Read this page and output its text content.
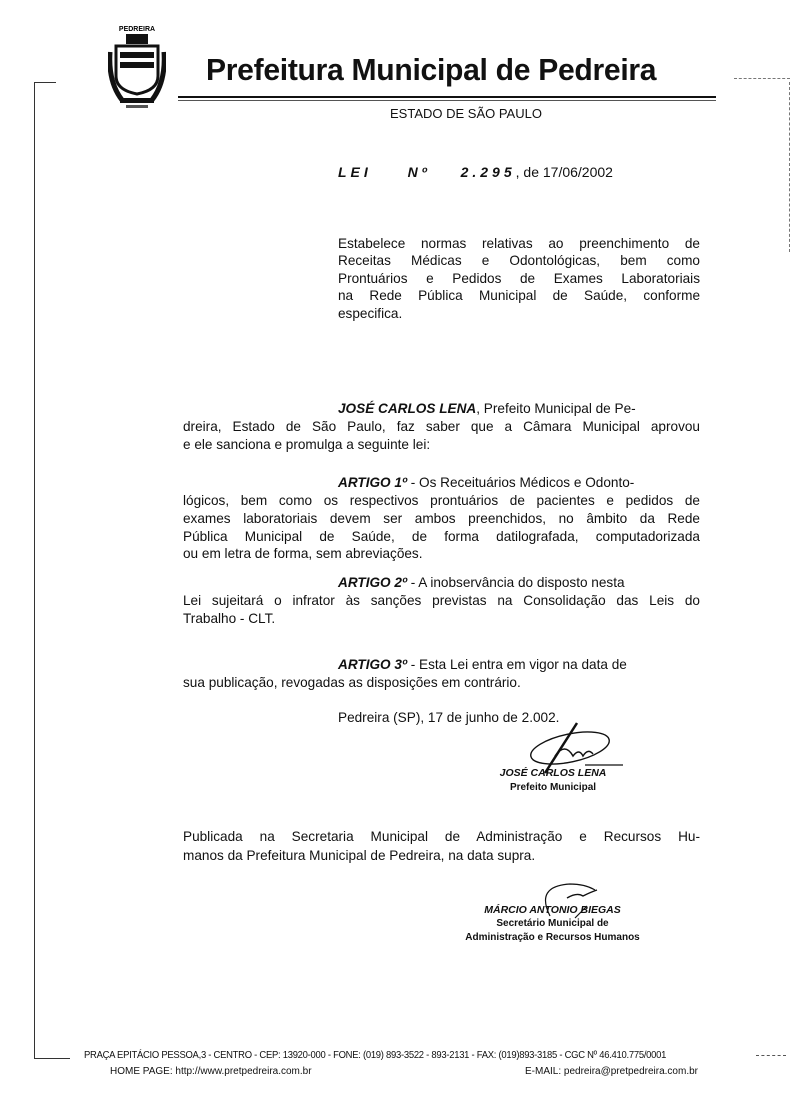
PEDREIRA
Prefeitura Municipal de Pedreira
ESTADO DE SÃO PAULO
LEI	Nº 2.295, de 17/06/2002
Estabelece normas relativas ao preenchimento de
Receitas Médicas e Odontológicas, bem como
Prontuários e Pedidos de Exames Laboratoriais
na Rede Pública Municipal de Saúde, conforme
especifica.
JOSÉ CARLOS LENA, Prefeito Municipal de Pe-
dreira, Estado de São Paulo, faz saber que a Câmara Municipal aprovou
e ele sanciona e promulga a seguinte lei:
ARTIGO 1º - Os Receituários Médicos e Odonto-
lógicos, bem como os respectivos prontuários de pacientes e pedidos de
exames laboratoriais devem ser ambos preenchidos, no âmbito da Rede
Pública Municipal de Saúde, de forma datilografada, computadorizada
ou em letra de forma, sem abreviações.
ARTIGO 2º - A inobservância do disposto nesta
Lei sujeitará o infrator às sanções previstas na Consolidação das Leis do
Trabalho - CLT.
ARTIGO 3º - Esta Lei entra em vigor na data de
sua publicação, revogadas as disposições em contrário.
Pedreira (SP), 17 de junho de 2.002.
JOSÉ CARLOS LENA
Prefeito Municipal
Publicada na Secretaria Municipal de Administração e Recursos Hu-
manos da Prefeitura Municipal de Pedreira, na data supra.
MÁRCIO ANTONIO BIEGAS
Secretário Municipal de
Administração e Recursos Humanos
PRAÇA EPITÁCIO PESSOA,3 - CENTRO - CEP: 13920-000 - FONE: (019) 893-3522 - 893-2131 - FAX: (019)893-3185 - CGC Nº 46.410.775/0001
HOME PAGE: http://www.pretpedreira.com.br	E-MAIL: pedreira@pretpedreira.com.br
